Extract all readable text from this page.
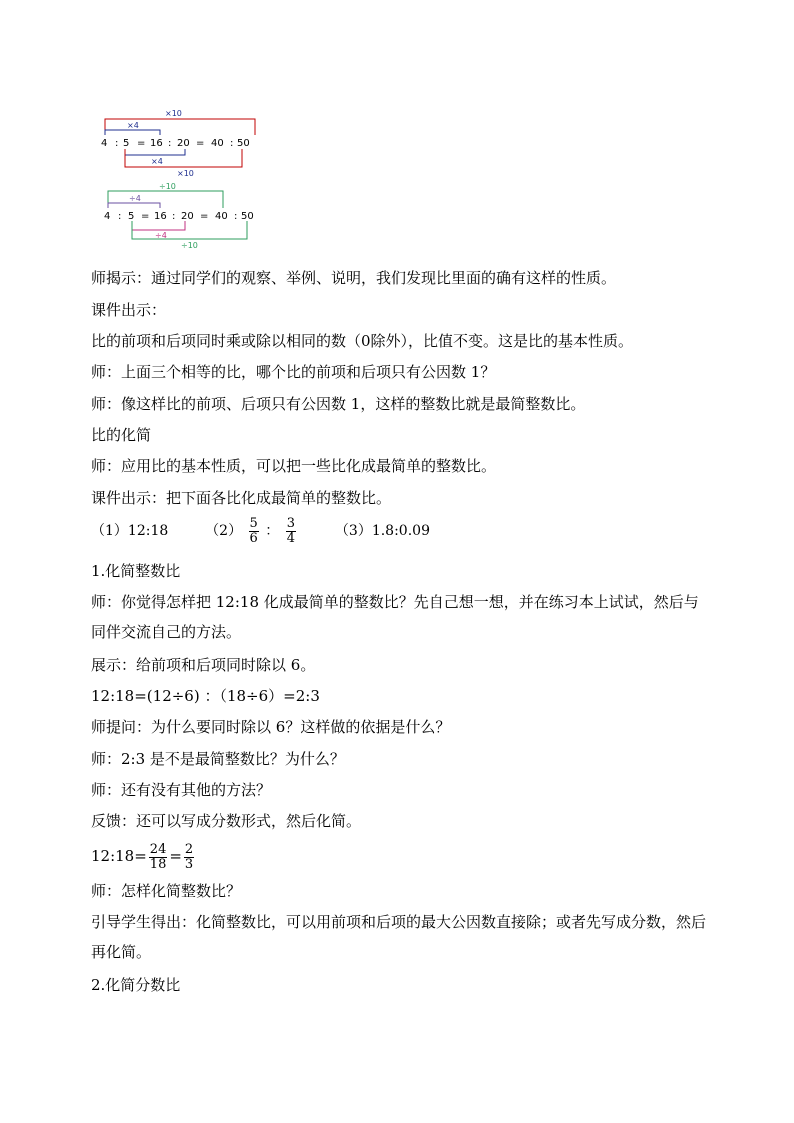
×10
×4
×4
×10
4 : 5 = 16 : 20 = 40 : 50
÷10
÷4
÷4
÷10
4 : 5 = 16 : 20 = 40 : 50
师揭示：通过同学们的观察、举例、说明，我们发现比里面的确有这样的性质。
课件出示：
比的前项和后项同时乘或除以相同的数（0除外），比值不变。这是比的基本性质。
师：上面三个相等的比，哪个比的前项和后项只有公因数 1？
师：像这样比的前项、后项只有公因数 1，这样的整数比就是最简整数比。
比的化简
师：应用比的基本性质，可以把一些比化成最简单的整数比。
课件出示：把下面各比化成最简单的整数比。
（1）12:18	$(2) \frac{5}{6}$ ： $\frac{3}{4}$	（3）1.8:0.09
1.化简整数比
师：你觉得怎样把 12:18 化成最简单的整数比？先自己想一想，并在练习本上试试，然后与同伴交流自己的方法。
展示：给前项和后项同时除以 6。
12:18=(12÷6) ：（18÷6）=2:3
师提问：为什么要同时除以 6？这样做的依据是什么？
师：2:3 是不是最简整数比？为什么？
师：还有没有其他的方法？
反馈：还可以写成分数形式，然后化简。
12:18= $\frac{24}{18} = \frac{2}{3}$
师：怎样化简整数比？
引导学生得出：化简整数比，可以用前项和后项的最大公因数直接除；或者先写成分数，然后再化简。
2.化简分数比
